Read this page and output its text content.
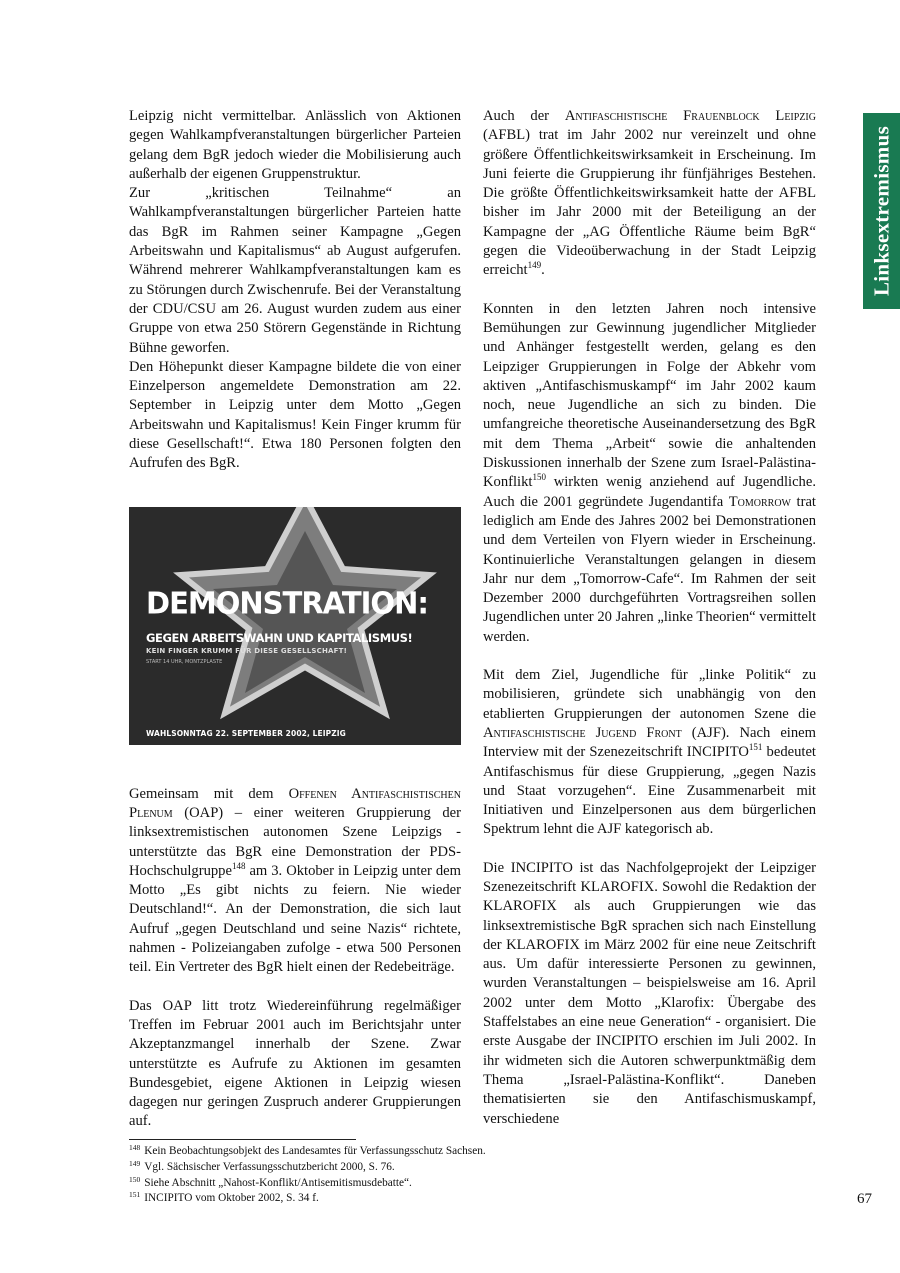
Linksextremismus

Leipzig nicht vermittelbar. Anlässlich von Aktionen gegen Wahlkampfveranstaltungen bürgerlicher Parteien gelang dem BgR jedoch wieder die Mobilisierung auch außerhalb der eigenen Gruppenstruktur.

Zur „kritischen Teilnahme“ an Wahlkampfveranstaltungen bürgerlicher Parteien hatte das BgR im Rahmen seiner Kampagne „Gegen Arbeitswahn und Kapitalismus“ ab August aufgerufen. Während mehrerer Wahlkampfveranstaltungen kam es zu Störungen durch Zwischenrufe. Bei der Veranstaltung der CDU/CSU am 26. August wurden zudem aus einer Gruppe von etwa 250 Störern Gegenstände in Richtung Bühne geworfen.

Den Höhepunkt dieser Kampagne bildete die von einer Einzelperson angemeldete Demonstration am 22. September in Leipzig unter dem Motto „Gegen Arbeitswahn und Kapitalismus! Kein Finger krumm für diese Gesellschaft!“. Etwa 180 Personen folgten den Aufrufen des BgR.

DEMONSTRATION:
GEGEN ARBEITSWAHN UND KAPITALISMUS!
KEIN FINGER KRUMM FÜR DIESE GESELLSCHAFT!
START 14 UHR, MONTZPLASTE
WAHLSONNTAG 22. SEPTEMBER 2002, LEIPZIG

Gemeinsam mit dem Offenen Antifaschistischen Plenum (OAP) – einer weiteren Gruppierung der linksextremistischen autonomen Szene Leipzigs - unterstützte das BgR eine Demonstration der PDS-Hochschulgruppe$^{148}$ am 3. Oktober in Leipzig unter dem Motto „Es gibt nichts zu feiern. Nie wieder Deutschland!“. An der Demonstration, die sich laut Aufruf „gegen Deutschland und seine Nazis“ richtete, nahmen - Polizeiangaben zufolge - etwa 500 Personen teil. Ein Vertreter des BgR hielt einen der Redebeiträge.

Das OAP litt trotz Wiedereinführung regelmäßiger Treffen im Februar 2001 auch im Berichtsjahr unter Akzeptanzmangel innerhalb der Szene. Zwar unterstützte es Aufrufe zu Aktionen im gesamten Bundesgebiet, eigene Aktionen in Leipzig wiesen dagegen nur geringen Zuspruch anderer Gruppierungen auf.

Auch der Antifaschistische Frauenblock Leipzig (AFBL) trat im Jahr 2002 nur vereinzelt und ohne größere Öffentlichkeitswirksamkeit in Erscheinung. Im Juni feierte die Gruppierung ihr fünfjähriges Bestehen. Die größte Öffentlichkeitswirksamkeit hatte der AFBL bisher im Jahr 2000 mit der Beteiligung an der Kampagne der „AG Öffentliche Räume beim BgR“ gegen die Videoüberwachung in der Stadt Leipzig erreicht$^{149}$.

Konnten in den letzten Jahren noch intensive Bemühungen zur Gewinnung jugendlicher Mitglieder und Anhänger festgestellt werden, gelang es den Leipziger Gruppierungen in Folge der Abkehr vom aktiven „Antifaschismuskampf“ im Jahr 2002 kaum noch, neue Jugendliche an sich zu binden. Die umfangreiche theoretische Auseinandersetzung des BgR mit dem Thema „Arbeit“ sowie die anhaltenden Diskussionen innerhalb der Szene zum Israel-Palästina-Konflikt$^{150}$ wirkten wenig anziehend auf Jugendliche. Auch die 2001 gegründete Jugendantifa Tomorrow trat lediglich am Ende des Jahres 2002 bei Demonstrationen und dem Verteilen von Flyern wieder in Erscheinung. Kontinuierliche Veranstaltungen gelangen in diesem Jahr nur dem „Tomorrow-Cafe“. Im Rahmen der seit Dezember 2000 durchgeführten Vortragsreihen sollen Jugendlichen unter 20 Jahren „linke Theorien“ vermittelt werden.

Mit dem Ziel, Jugendliche für „linke Politik“ zu mobilisieren, gründete sich unabhängig von den etablierten Gruppierungen der autonomen Szene die Antifaschistische Jugend Front (AJF). Nach einem Interview mit der Szenezeitschrift INCIPITO$^{151}$ bedeutet Antifaschismus für diese Gruppierung, „gegen Nazis und Staat vorzugehen“. Eine Zusammenarbeit mit Initiativen und Einzelpersonen aus dem bürgerlichen Spektrum lehnt die AJF kategorisch ab.

Die INCIPITO ist das Nachfolgeprojekt der Leipziger Szenezeitschrift KLAROFIX. Sowohl die Redaktion der KLAROFIX als auch Gruppierungen wie das linksextremistische BgR sprachen sich nach Einstellung der KLAROFIX im März 2002 für eine neue Zeitschrift aus. Um dafür interessierte Personen zu gewinnen, wurden Veranstaltungen – beispielsweise am 16. April 2002 unter dem Motto „Klarofix: Übergabe des Staffelstabes an eine neue Generation“ - organisiert. Die erste Ausgabe der INCIPITO erschien im Juli 2002. In ihr widmeten sich die Autoren schwerpunktmäßig dem Thema „Israel-Palästina-Konflikt“. Daneben thematisierten sie den Antifaschismuskampf, verschiedene

$^{148}$ Kein Beobachtungsobjekt des Landesamtes für Verfassungsschutz Sachsen.
$^{149}$ Vgl. Sächsischer Verfassungsschutzbericht 2000, S. 76.
$^{150}$ Siehe Abschnitt „Nahost-Konflikt/Antisemitismusdebatte“.
$^{151}$ INCIPITO vom Oktober 2002, S. 34 f.	67
